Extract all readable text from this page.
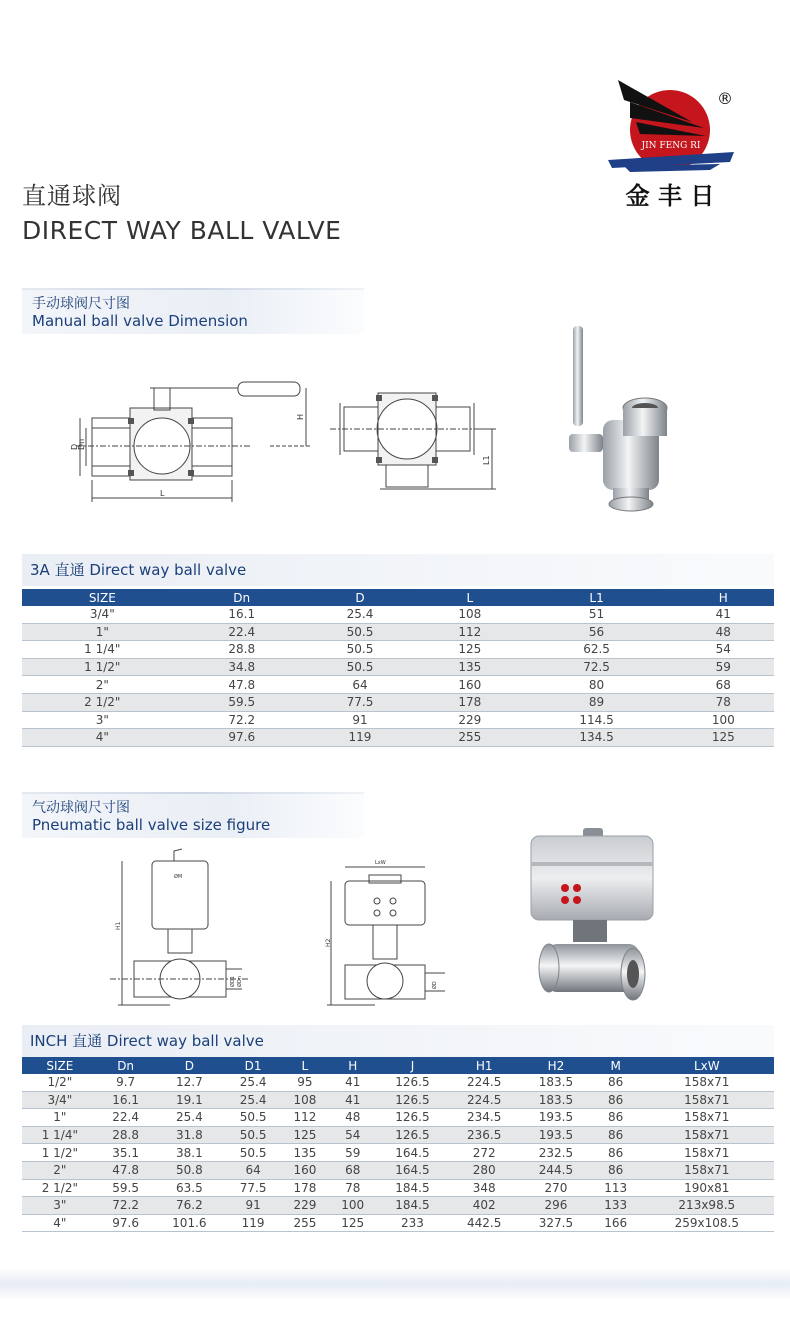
JIN FENG RI
®
金 丰 日
直通球阀
DIRECT WAY BALL VALVE
手动球阀尺寸图
Manual ball valve Dimension
D
Dn
H
L
L1
3A 直通 Direct way ball valve
SIZE	Dn	D	L	L1	H
3/4"	16.1	25.4	108	51	41
1"	22.4	50.5	112	56	48
1 1/4"	28.8	50.5	125	62.5	54
1 1/2"	34.8	50.5	135	72.5	59
2"	47.8	64	160	80	68
2 1/2"	59.5	77.5	178	89	78
3"	72.2	91	229	114.5	100
4"	97.6	119	255	134.5	125
气动球阀尺寸图
Pneumatic ball valve size figure
ØM
H1
ØD1 ØDn
LxW
H2
ØD
INCH 直通 Direct way ball valve
SIZE	Dn	D	D1	L	H	J	H1	H2	M	LxW
1/2"	9.7	12.7	25.4	95	41	126.5	224.5	183.5	86	158x71
3/4"	16.1	19.1	25.4	108	41	126.5	224.5	183.5	86	158x71
1"	22.4	25.4	50.5	112	48	126.5	234.5	193.5	86	158x71
1 1/4"	28.8	31.8	50.5	125	54	126.5	236.5	193.5	86	158x71
1 1/2"	35.1	38.1	50.5	135	59	164.5	272	232.5	86	158x71
2"	47.8	50.8	64	160	68	164.5	280	244.5	86	158x71
2 1/2"	59.5	63.5	77.5	178	78	184.5	348	270	113	190x81
3"	72.2	76.2	91	229	100	184.5	402	296	133	213x98.5
4"	97.6	101.6	119	255	125	233	442.5	327.5	166	259x108.5
